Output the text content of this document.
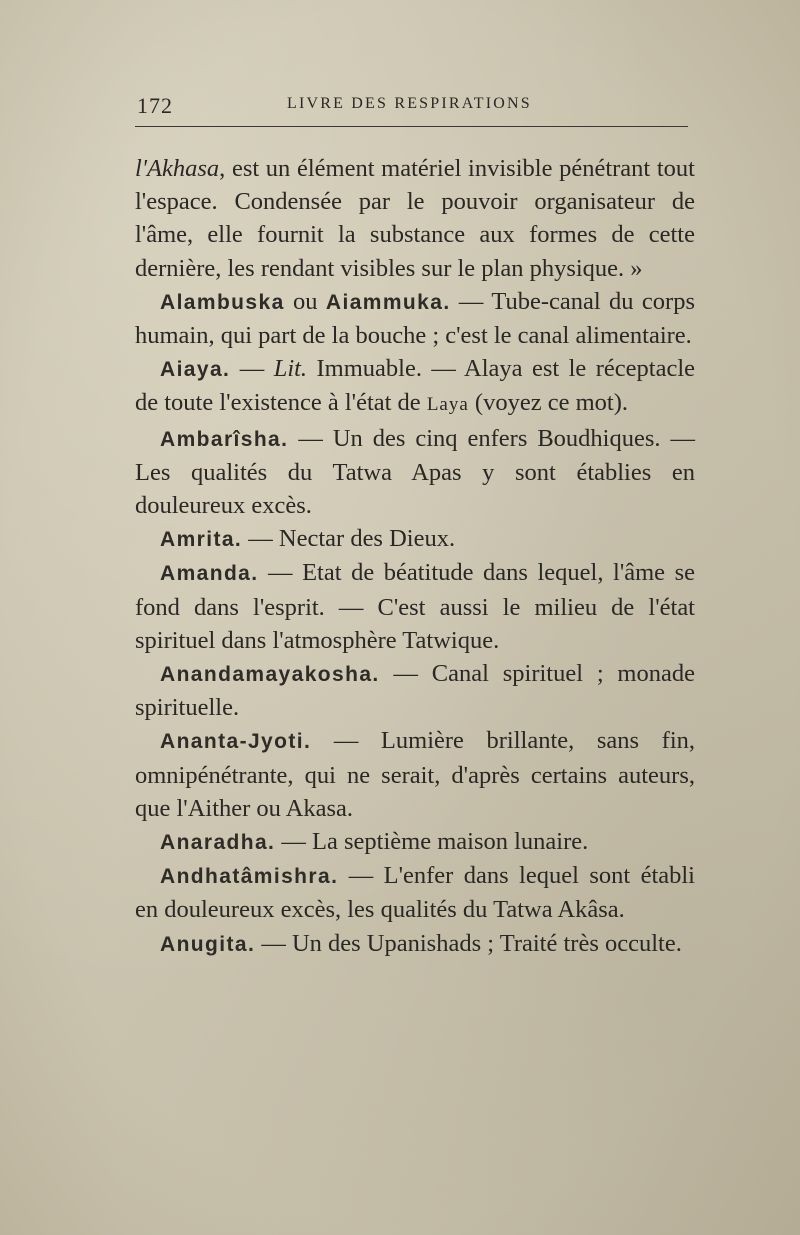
172	LIVRE DES RESPIRATIONS

l'Akhasa, est un élément matériel invisible pénétrant tout l'espace. Condensée par le pouvoir organisateur de l'âme, elle fournit la substance aux formes de cette dernière, les rendant visibles sur le plan physique. »

Alambuska ou Aiammuka. — Tube-canal du corps humain, qui part de la bouche ; c'est le canal alimentaire.

Aiaya. — Lit. Immuable. — Alaya est le réceptacle de toute l'existence à l'état de Laya (voyez ce mot).

Ambarîsha. — Un des cinq enfers Boudhiques. — Les qualités du Tatwa Apas y sont établies en douleureux excès.

Amrita. — Nectar des Dieux.

Amanda. — Etat de béatitude dans lequel, l'âme se fond dans l'esprit. — C'est aussi le milieu de l'état spirituel dans l'atmosphère Tatwique.

Anandamayakosha. — Canal spirituel ; monade spirituelle.

Ananta-Jyoti. — Lumière brillante, sans fin, omnipénétrante, qui ne serait, d'après certains auteurs, que l'Aither ou Akasa.

Anaradha. — La septième maison lunaire.

Andhatâmishra. — L'enfer dans lequel sont établi en douleureux excès, les qualités du Tatwa Akâsa.

Anugita. — Un des Upanishads ; Traité très occulte.
